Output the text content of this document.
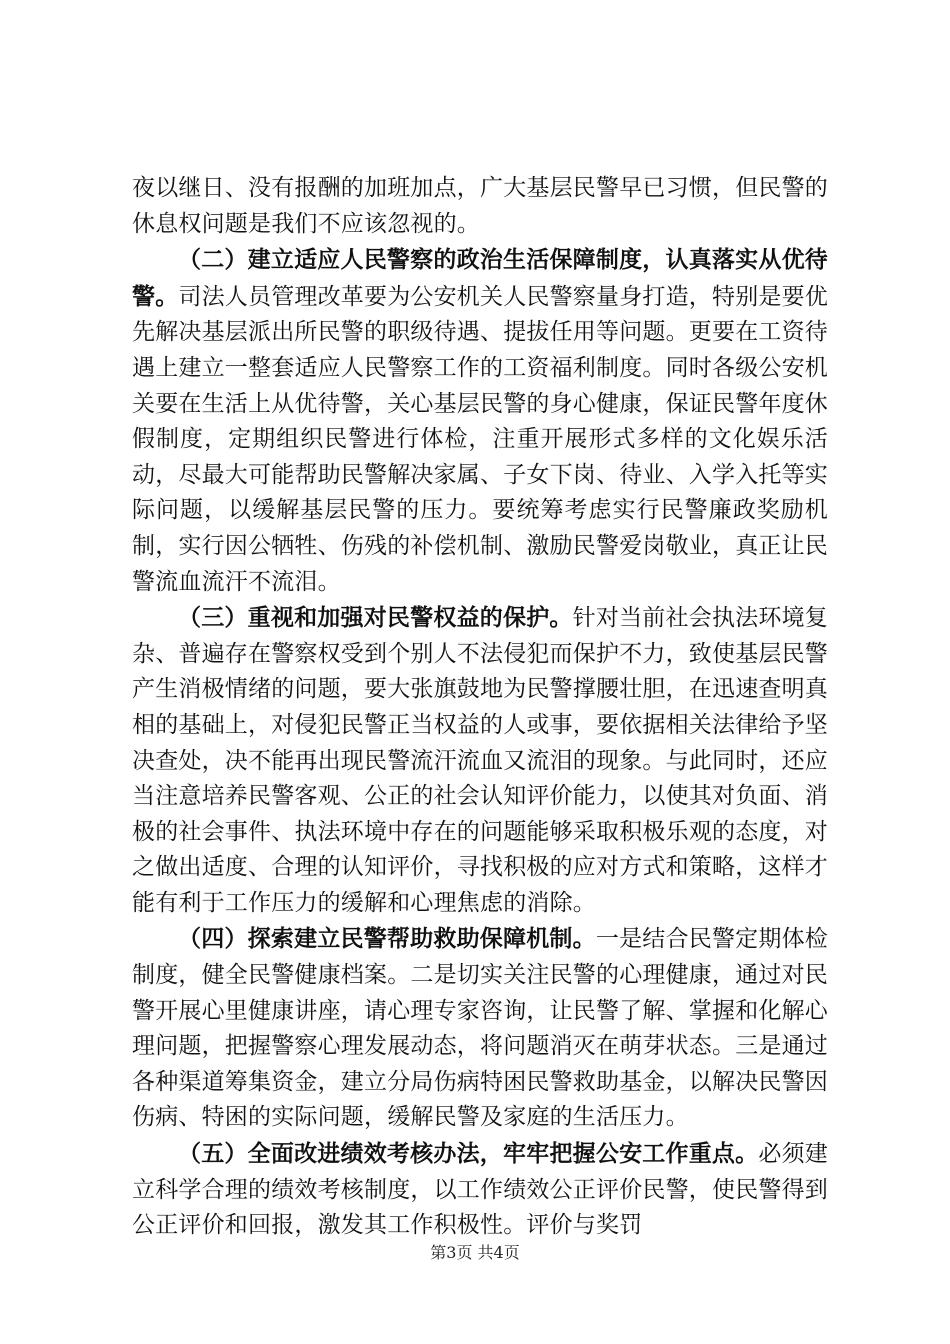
夜以继日、没有报酬的加班加点，广大基层民警早已习惯，但民警的休息权问题是我们不应该忽视的。

（二）建立适应人民警察的政治生活保障制度，认真落实从优待警。司法人员管理改革要为公安机关人民警察量身打造，特别是要优先解决基层派出所民警的职级待遇、提拔任用等问题。更要在工资待遇上建立一整套适应人民警察工作的工资福利制度。同时各级公安机关要在生活上从优待警，关心基层民警的身心健康，保证民警年度休假制度，定期组织民警进行体检，注重开展形式多样的文化娱乐活动，尽最大可能帮助民警解决家属、子女下岗、待业、入学入托等实际问题，以缓解基层民警的压力。要统筹考虑实行民警廉政奖励机制，实行因公牺牲、伤残的补偿机制、激励民警爱岗敬业，真正让民警流血流汗不流泪。

（三）重视和加强对民警权益的保护。针对当前社会执法环境复杂、普遍存在警察权受到个别人不法侵犯而保护不力，致使基层民警产生消极情绪的问题，要大张旗鼓地为民警撑腰壮胆，在迅速查明真相的基础上，对侵犯民警正当权益的人或事，要依据相关法律给予坚决查处，决不能再出现民警流汗流血又流泪的现象。与此同时，还应当注意培养民警客观、公正的社会认知评价能力，以使其对负面、消极的社会事件、执法环境中存在的问题能够采取积极乐观的态度，对之做出适度、合理的认知评价，寻找积极的应对方式和策略，这样才能有利于工作压力的缓解和心理焦虑的消除。

（四）探索建立民警帮助救助保障机制。一是结合民警定期体检制度，健全民警健康档案。二是切实关注民警的心理健康，通过对民警开展心里健康讲座，请心理专家咨询，让民警了解、掌握和化解心理问题，把握警察心理发展动态，将问题消灭在萌芽状态。三是通过各种渠道筹集资金，建立分局伤病特困民警救助基金，以解决民警因伤病、特困的实际问题，缓解民警及家庭的生活压力。

（五）全面改进绩效考核办法，牢牢把握公安工作重点。必须建立科学合理的绩效考核制度，以工作绩效公正评价民警，使民警得到公正评价和回报，激发其工作积极性。评价与奖罚

第3页 共4页
